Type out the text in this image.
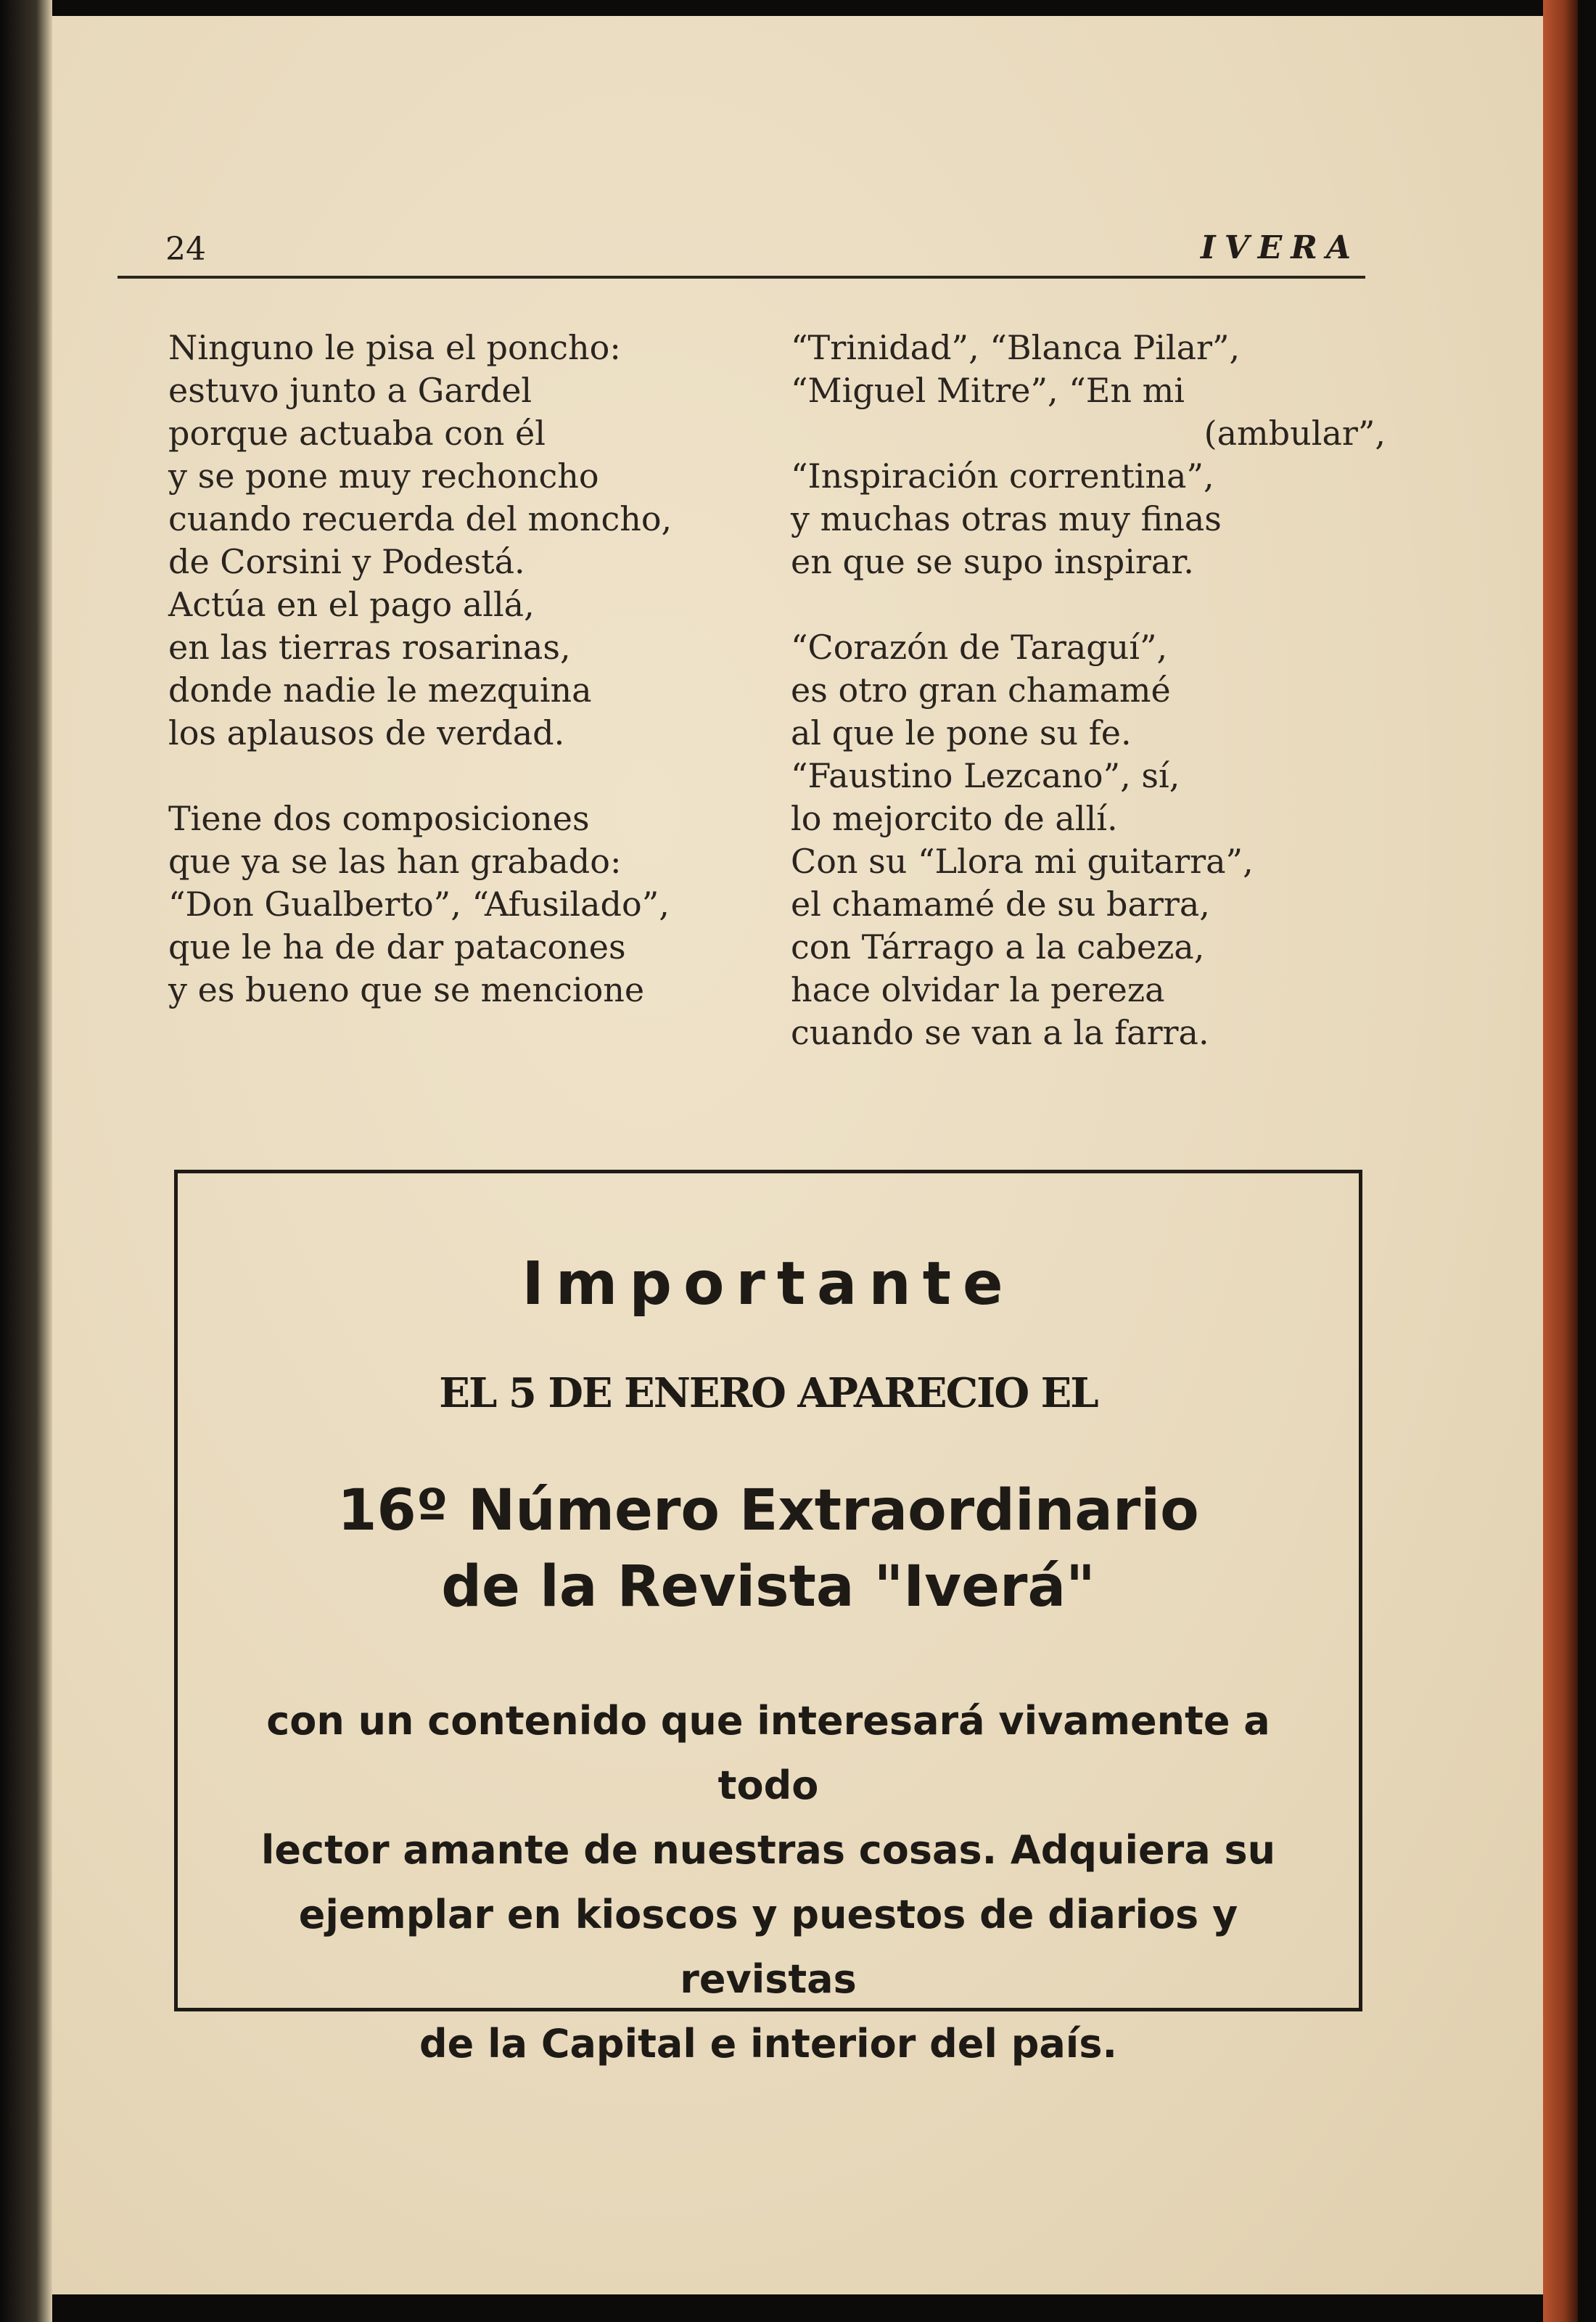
24	IVERA
Ninguno le pisa el poncho:
estuvo junto a Gardel
porque actuaba con él
y se pone muy rechoncho
cuando recuerda del moncho,
de Corsini y Podestá.
Actúa en el pago allá,
en las tierras rosarinas,
donde nadie le mezquina
los aplausos de verdad.
Tiene dos composiciones
que ya se las han grabado:
“Don Gualberto”, “Afusilado”,
que le ha de dar patacones
y es bueno que se mencione
“Trinidad”, “Blanca Pilar”,
“Miguel Mitre”, “En mi
(ambular”,
“Inspiración correntina”,
y muchas otras muy finas
en que se supo inspirar.
“Corazón de Taraguí”,
es otro gran chamamé
al que le pone su fe.
“Faustino Lezcano”, sí,
lo mejorcito de allí.
Con su “Llora mi guitarra”,
el chamamé de su barra,
con Tárrago a la cabeza,
hace olvidar la pereza
cuando se van a la farra.
Importante
EL 5 DE ENERO APARECIO EL
16º Número Extraordinario
de la Revista "Iverá"
con un contenido que interesará vivamente a todo
lector amante de nuestras cosas. Adquiera su
ejemplar en kioscos y puestos de diarios y revistas
de la Capital e interior del país.
